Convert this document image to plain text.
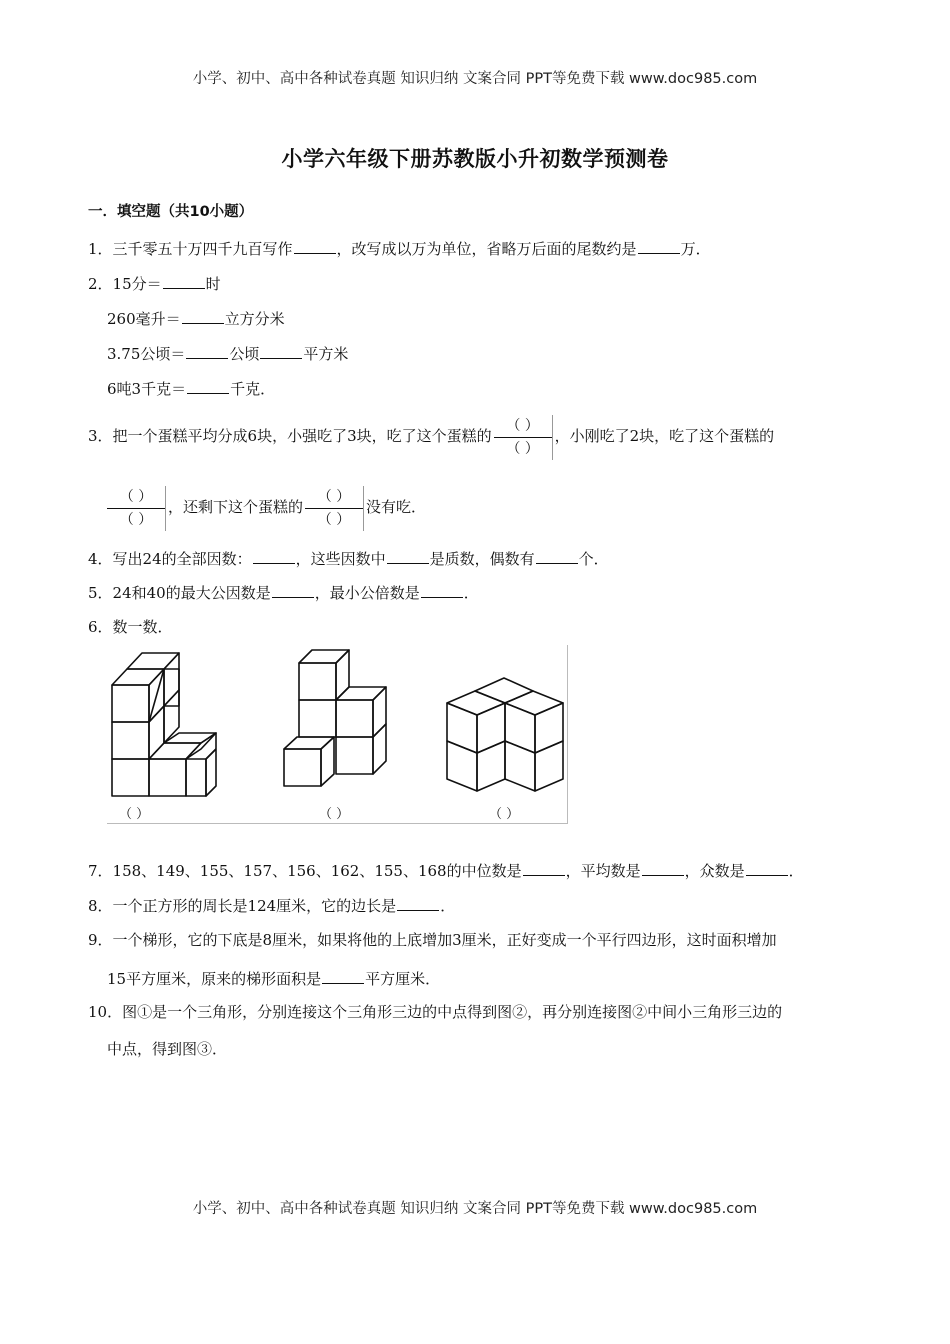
小学、初中、高中各种试卷真题 知识归纳 文案合同 PPT等免费下载 www.doc985.com
小学六年级下册苏教版小升初数学预测卷
一．填空题（共10小题）
1．三千零五十万四千九百写作	，改写成以万为单位，省略万后面的尾数约是	万．
2．15分＝	时
260毫升＝	立方分米
3.75公顷＝	公顷	平方米
6吨3千克＝	千克．
3．把一个蛋糕平均分成6块，小强吃了3块，吃了这个蛋糕的 $\frac{( )}{( )}$ ，小刚吃了2块，吃了这个蛋糕的
$\frac{( )}{( )}$ ，还剩下这个蛋糕的 $\frac{( )}{( )}$ 没有吃．
4．写出24的全部因数：	，这些因数中	是质数，偶数有	个．
5．24和40的最大公因数是	，最小公倍数是	．
6．数一数．
（ ）	（ ）	（ ）
7．158、149、155、157、156、162、155、168的中位数是	，平均数是	，众数是	．
8．一个正方形的周长是124厘米，它的边长是	．
9．一个梯形，它的下底是8厘米，如果将他的上底增加3厘米，正好变成一个平行四边形，这时面积增加
15平方厘米，原来的梯形面积是	平方厘米．
10．图①是一个三角形，分别连接这个三角形三边的中点得到图②，再分别连接图②中间小三角形三边的
中点，得到图③．
小学、初中、高中各种试卷真题 知识归纳 文案合同 PPT等免费下载 www.doc985.com
